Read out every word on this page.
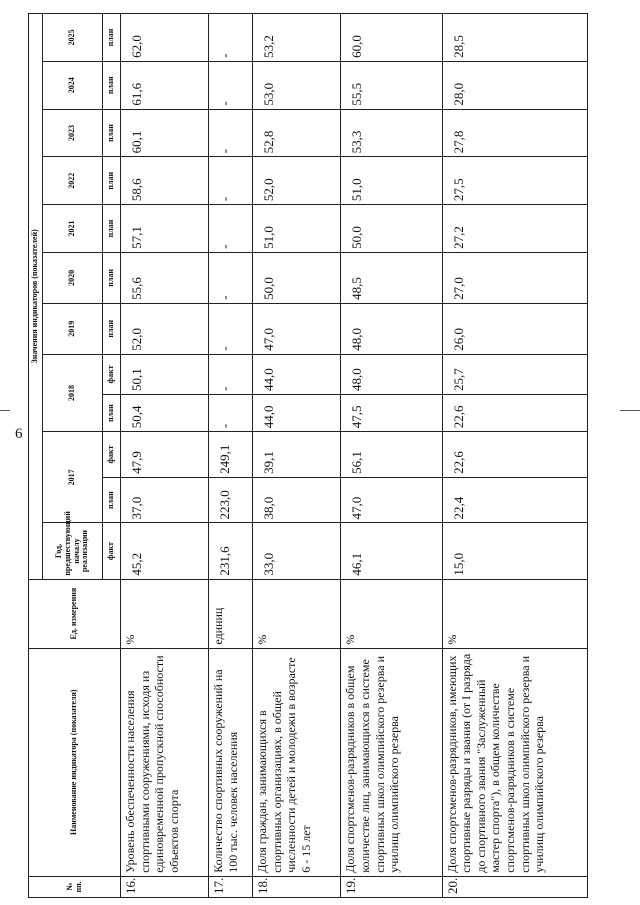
6
№ пп.	Наименование индикатора (показателя)	Ед. измерения	Значения индикаторов (показателей)											
			Год, предшествующий началу реализации	2017		2018		2019	2020	2021	2022	2023	2024	2025

			факт	план	факт	план	факт	план	план	план	план	план	план	план
16.	Уровень обеспеченности населения спортивными сооружениями, исходя из единовременной пропускной способности объектов спорта	%	45,2	37,0	47,9	50,4	50,1	52,0	55,6	57,1	58,6	60,1	61,6	62,0
17.	Количество спортивных сооружений на 100 тыс. человек населения	единиц	231,6	223,0	249,1	-	-	-	-	-	-	-	-	-
18.	Доля граждан, занимающихся в спортивных организациях, в общей численности детей и молодежи в возрасте 6 - 15 лет	%	33,0	38,0	39,1	44,0	44,0	47,0	50,0	51,0	52,0	52,8	53,0	53,2
19.	Доля спортсменов-разрядников в общем количестве лиц, занимающихся в системе спортивных школ олимпийского резерва и училищ олимпийского резерва	%	46,1	47,0	56,1	47,5	48,0	48,0	48,5	50,0	51,0	53,3	55,5	60,0
20.	Доля спортсменов-разрядников, имеющих спортивные разряды и звания (от I разряда до спортивного звания "Заслуженный мастер спорта"), в общем количестве спортсменов-разрядников в системе спортивных школ олимпийского резерва и училищ олимпийского резерва	%	15,0	22,4	22,6	22,6	25,7	26,0	27,0	27,2	27,5	27,8	28,0	28,5
